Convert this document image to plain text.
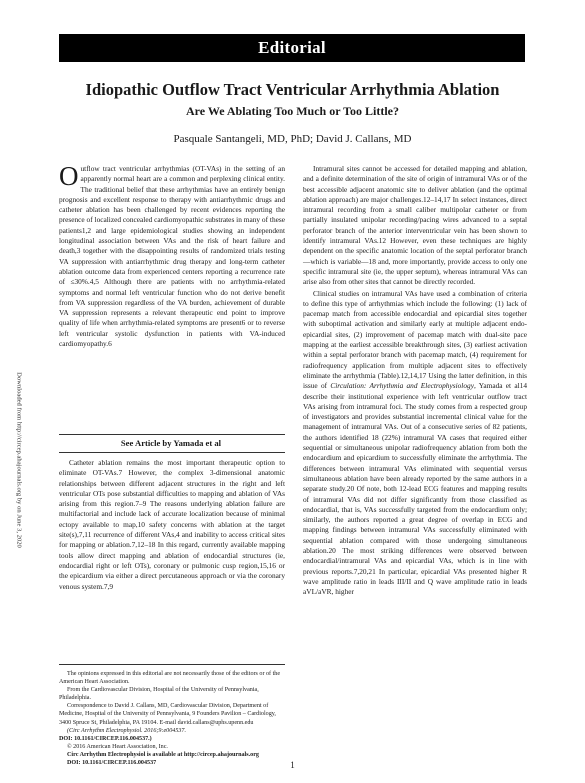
Editorial
Idiopathic Outflow Tract Ventricular Arrhythmia Ablation
Are We Ablating Too Much or Too Little?
Pasquale Santangeli, MD, PhD; David J. Callans, MD
Downloaded from http://circep.ahajournals.org by on June 3, 2020

Outflow tract ventricular arrhythmias (OT-VAs) in the setting of an apparently normal heart are a common and perplexing clinical entity. The traditional belief that these arrhythmias have an entirely benign prognosis and excellent response to therapy with antiarrhythmic drugs and catheter ablation has been challenged by recent evidences reporting the presence of localized concealed cardiomyopathic substrates in many of these patients1,2 and large epidemiological studies showing an independent longitudinal association between VAs and the risk of heart failure and death,3 together with the disappointing results of randomized trials testing VA suppression with antiarrhythmic drug therapy and long-term catheter ablation outcome data from experienced centers reporting a recurrence rate of ≤30%.4,5 Although there are patients with no arrhythmia-related symptoms and normal left ventricular function who do not derive benefit from VA suppression regardless of the VA burden, achievement of durable VA suppression represents a relevant therapeutic end point to improve quality of life when arrhythmia-related symptoms are present6 or to reverse left ventricular systolic dysfunction in patients with VA-induced cardiomyopathy.6

See Article by Yamada et al

Catheter ablation remains the most important therapeutic option to eliminate OT-VAs.7 However, the complex 3-dimensional anatomic relationships between different adjacent structures in the right and left ventricular OTs pose substantial difficulties to mapping and ablation of VAs arising from this region.7–9 The reasons underlying ablation failure are multifactorial and include lack of accurate localization because of minimal ectopy available to map,10 safety concerns with ablation at the target site(s),7,11 recurrence of different VAs,4 and inability to access critical sites for mapping or ablation.7,12–18 In this regard, currently available mapping tools allow direct mapping and ablation of endocardial structures (ie, endocardial right or left OTs), coronary or pulmonic cusp region,15,16 or the epicardium via either a direct percutaneous approach or via the coronary venous system.7,9

The opinions expressed in this editorial are not necessarily those of the editors or of the American Heart Association.

From the Cardiovascular Division, Hospital of the University of Pennsylvania, Philadelphia.

Correspondence to David J. Callans, MD, Cardiovascular Division, Department of Medicine, Hospital of the University of Pennsylvania, 9 Founders Pavilion – Cardiology, 3400 Spruce St, Philadelphia, PA 19104. E-mail david.callans@uphs.upenn.edu

(Circ Arrhythm Electrophysiol. 2016;9:e004537.

DOI: 10.1161/CIRCEP.116.004537.)

© 2016 American Heart Association, Inc.

Circ Arrhythm Electrophysiol is available at http://circep.ahajournals.org

DOI: 10.1161/CIRCEP.116.004537

Intramural sites cannot be accessed for detailed mapping and ablation, and a definite determination of the site of origin of intramural VAs or of the best accessible adjacent anatomic site to deliver ablation (and the optimal ablation approach) are major challenges.12–14,17 In select instances, direct intramural recording from a small caliber multipolar catheter or from partially insulated unipolar recording/pacing wires advanced to a septal perforator branch of the anterior interventricular vein has been shown to identify intramural VAs.12 However, even these techniques are highly dependent on the specific anatomic location of the septal perforator branch—which is variable—18 and, more importantly, provide access to only one specific intramural site (ie, the upper septum), whereas intramural VAs can arise also from other sites that cannot be directly recorded.

Clinical studies on intramural VAs have used a combination of criteria to define this type of arrhythmias which include the following: (1) lack of pacemap match from accessible endocardial and epicardial sites together with suboptimal activation and similarly early at multiple adjacent endo-epicardial sites, (2) improvement of pacemap match with dual-site pace mapping at the earliest accessible breakthrough sites, (3) earliest activation within a septal perforator branch with pacemap match, (4) requirement for radiofrequency application from multiple adjacent sites to effectively eliminate the arrhythmia (Table).12,14,17 Using the latter definition, in this issue of Circulation: Arrhythmia and Electrophysiology, Yamada et al14 describe their institutional experience with left ventricular outflow tract VAs arising from intramural foci. The study comes from a respected group of investigators and provides substantial incremental clinical value for the management of intramural VAs. Out of a consecutive series of 82 patients, the authors identified 18 (22%) intramural VA cases that required either sequential or simultaneous unipolar radiofrequency ablation from both the endocardium and epicardium to successfully eliminate the arrhythmia. The differences between intramural VAs eliminated with sequential versus simultaneous ablation have been already reported by the same authors in a separate study.20 Of note, both 12-lead ECG features and mapping results of intramural VAs did not differ significantly from those classified as endocardial, that is, VAs successfully targeted from the endocardium only; similarly, the authors reported a great degree of overlap in ECG and mapping findings between intramural VAs successfully eliminated with sequential ablation compared with those undergoing simultaneous ablation.20 The most striking differences were observed between endocardial/intramural VAs and epicardial VAs, which is in line with previous reports.7,20,21 In particular, epicardial VAs presented higher R wave amplitude ratio in leads III/II and Q wave amplitude ratio in leads aVL/aVR, higher

1
